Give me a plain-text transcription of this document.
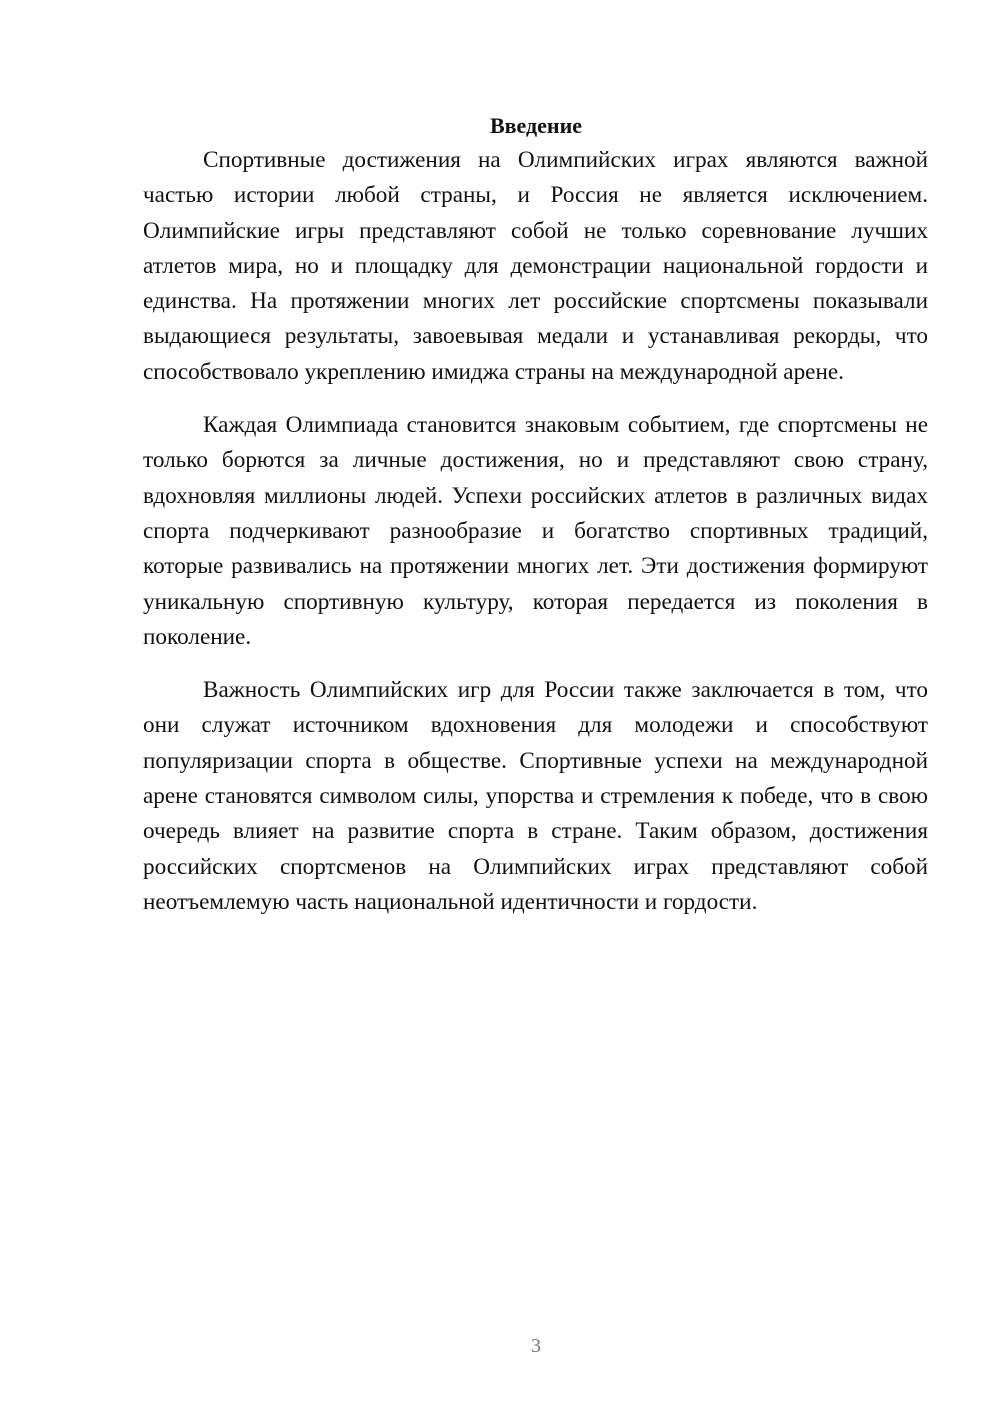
Введение

Спортивные достижения на Олимпийских играх являются важной частью истории любой страны, и Россия не является исключением. Олимпийские игры представляют собой не только соревнование лучших атлетов мира, но и площадку для демонстрации национальной гордости и единства. На протяжении многих лет российские спортсмены показывали выдающиеся результаты, завоевывая медали и устанавливая рекорды, что способствовало укреплению имиджа страны на международной арене.

Каждая Олимпиада становится знаковым событием, где спортсмены не только борются за личные достижения, но и представляют свою страну, вдохновляя миллионы людей. Успехи российских атлетов в различных видах спорта подчеркивают разнообразие и богатство спортивных традиций, которые развивались на протяжении многих лет. Эти достижения формируют уникальную спортивную культуру, которая передается из поколения в поколение.

Важность Олимпийских игр для России также заключается в том, что они служат источником вдохновения для молодежи и способствуют популяризации спорта в обществе. Спортивные успехи на международной арене становятся символом силы, упорства и стремления к победе, что в свою очередь влияет на развитие спорта в стране. Таким образом, достижения российских спортсменов на Олимпийских играх представляют собой неотъемлемую часть национальной идентичности и гордости.

3
